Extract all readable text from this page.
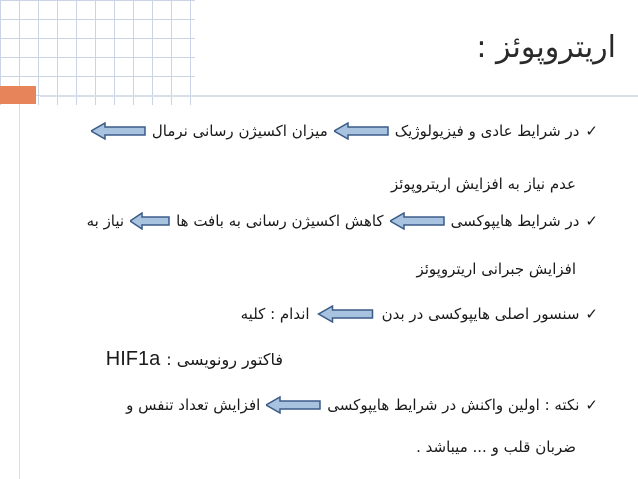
اریتروپوئز :
✓
در شرایط عادی و فیزیولوژیک
میزان اکسیژن رسانی نرمال
عدم نیاز به افزایش اریتروپوئز
✓
در شرایط هایپوکسی
کاهش اکسیژن رسانی به بافت ها
نیاز به
افزایش جبرانی اریتروپوئز
✓
سنسور اصلی هایپوکسی در بدن
اندام : کلیه
فاکتور رونویسی :
HIF1a
✓
نکته : اولین واکنش در شرایط هایپوکسی
افزایش تعداد تنفس و
ضربان قلب و ... میباشد .
